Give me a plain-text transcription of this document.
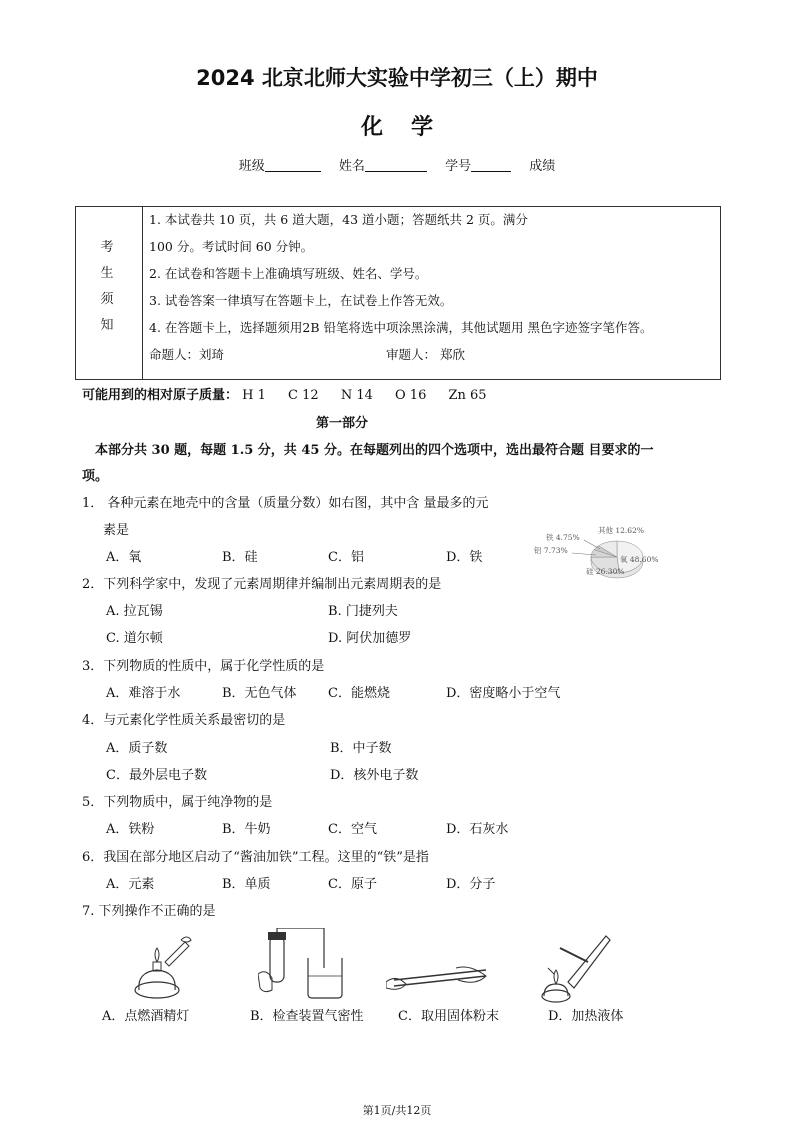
2024 北京北师大实验中学初三（上）期中
化学
班级	姓名	学号	成绩
考
生
须
知
1. 本试卷共 10 页，共 6 道大题，43 道小题；答题纸共 2 页。满分
100 分。考试时间 60 分钟。
2. 在试卷和答题卡上准确填写班级、姓名、学号。
3. 试卷答案一律填写在答题卡上，在试卷上作答无效。
4. 在答题卡上，选择题须用2B 铅笔将选中项涂黑涂满，其他试题用 黑色字迹签字笔作答。
命题人：刘琦	审题人： 郑欣
可能用到的相对原子质量： H 1 C 12 N 14 O 16 Zn 65
第一部分
本部分共 30 题，每题 1.5 分，共 45 分。在每题列出的四个选项中，选出最符合题 目要求的一
项。
1． 各种元素在地壳中的含量（质量分数）如右图，其中含 量最多的元
素是
A．氧	B．硅	C．铝	D．铁
其他 12.62%
铁 4.75%
铝 7.73%
氧 48.60%
硅 26.30%
2．下列科学家中，发现了元素周期律并编制出元素周期表的是
A. 拉瓦锡	B. 门捷列夫
C. 道尔顿	D. 阿伏加德罗
3．下列物质的性质中，属于化学性质的是
A．难溶于水	B．无色气体 C．能燃烧	D．密度略小于空气
4．与元素化学性质关系最密切的是
A．质子数	B．中子数
C．最外层电子数	D．核外电子数
5．下列物质中，属于纯净物的是
A．铁粉	B．牛奶	C．空气	D．石灰水
6．我国在部分地区启动了“酱油加铁”工程。这里的“铁”是指
A．元素	B．单质	C．原子	D．分子
7. 下列操作不正确的是
A．点燃酒精灯	B．检查装置气密性	C．取用固体粉末	D．加热液体
第1页/共12页
